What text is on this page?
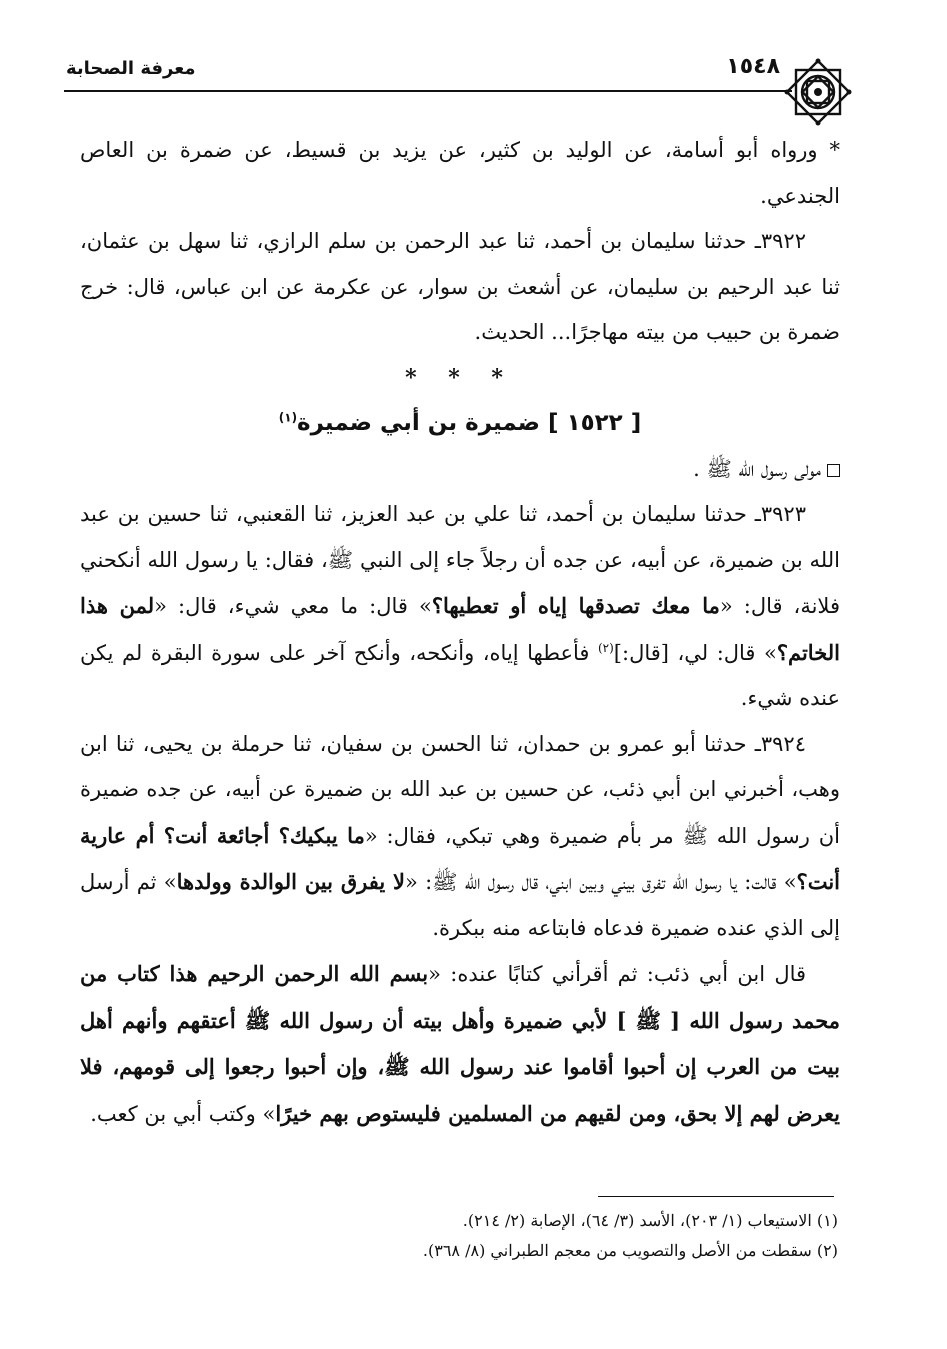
معرفة الصحابة	١٥٤٨

* ورواه أبو أسامة، عن الوليد بن كثير، عن يزيد بن قسيط، عن ضمرة بن العاص الجندعي.

٣٩٢٢ـ حدثنا سليمان بن أحمد، ثنا عبد الرحمن بن سلم الرازي، ثنا سهل بن عثمان، ثنا عبد الرحيم بن سليمان، عن أشعث بن سوار، عن عكرمة عن ابن عباس، قال: خرج ضمرة بن حبيب من بيته مهاجرًا... الحديث.

* * *

[ ١٥٢٢ ] ضميرة بن أبي ضميرة$^{(١)}$

مولى رسول الله ﷺ .

٣٩٢٣ـ حدثنا سليمان بن أحمد، ثنا علي بن عبد العزيز، ثنا القعنبي، ثنا حسين بن عبد الله بن ضميرة، عن أبيه، عن جده أن رجلاً جاء إلى النبي ﷺ، فقال: يا رسول الله أنكحني فلانة، قال: «ما معك تصدقها إياه أو تعطيها؟» قال: ما معي شيء، قال: «لمن هذا الخاتم؟» قال: لي، [قال:]$^{(٢)}$ فأعطها إياه، وأنكحه، وأنكح آخر على سورة البقرة لم يكن عنده شيء.

٣٩٢٤ـ حدثنا أبو عمرو بن حمدان، ثنا الحسن بن سفيان، ثنا حرملة بن يحيى، ثنا ابن وهب، أخبرني ابن أبي ذئب، عن حسين بن عبد الله بن ضميرة عن أبيه، عن جده ضميرة أن رسول الله ﷺ مر بأم ضميرة وهي تبكي، فقال: «ما يبكيك؟ أجائعة أنت؟ أم عارية أنت؟» قالت: يا رسول الله تفرق بيني وبين ابني، قال رسول الله ﷺ: «لا يفرق بين الوالدة وولدها» ثم أرسل إلى الذي عنده ضميرة فدعاه فابتاعه منه ببكرة.

قال ابن أبي ذئب: ثم أقرأني كتابًا عنده: «بسم الله الرحمن الرحيم هذا كتاب من محمد رسول الله [ ﷺ ] لأبي ضميرة وأهل بيته أن رسول الله ﷺ أعتقهم وأنهم أهل بيت من العرب إن أحبوا أقاموا عند رسول الله ﷺ، وإن أحبوا رجعوا إلى قومهم، فلا يعرض لهم إلا بحق، ومن لقيهم من المسلمين فليستوص بهم خيرًا» وكتب أبي بن كعب.

(١) الاستيعاب (١/ ٢٠٣)، الأسد (٣/ ٦٤)، الإصابة (٢/ ٢١٤).

(٢) سقطت من الأصل والتصويب من معجم الطبراني (٨/ ٣٦٨).
